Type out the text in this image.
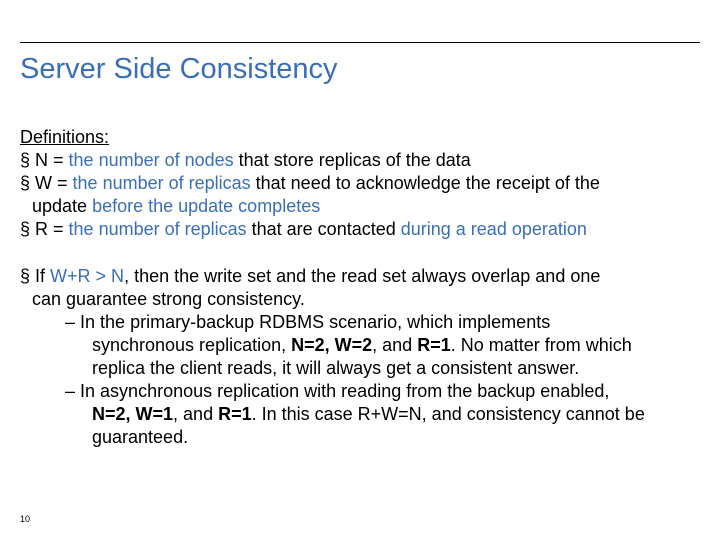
Server Side Consistency
Definitions:
§ N = the number of nodes that store replicas of the data
§ W = the number of replicas that need to acknowledge the receipt of the
update before the update completes
§ R = the number of replicas that are contacted during a read operation
§ If W+R > N, then the write set and the read set always overlap and one
can guarantee strong consistency.
– In the primary-backup RDBMS scenario, which implements
synchronous replication, N=2, W=2, and R=1. No matter from which
replica the client reads, it will always get a consistent answer.
– In asynchronous replication with reading from the backup enabled,
N=2, W=1, and R=1. In this case R+W=N, and consistency cannot be
guaranteed.
10
